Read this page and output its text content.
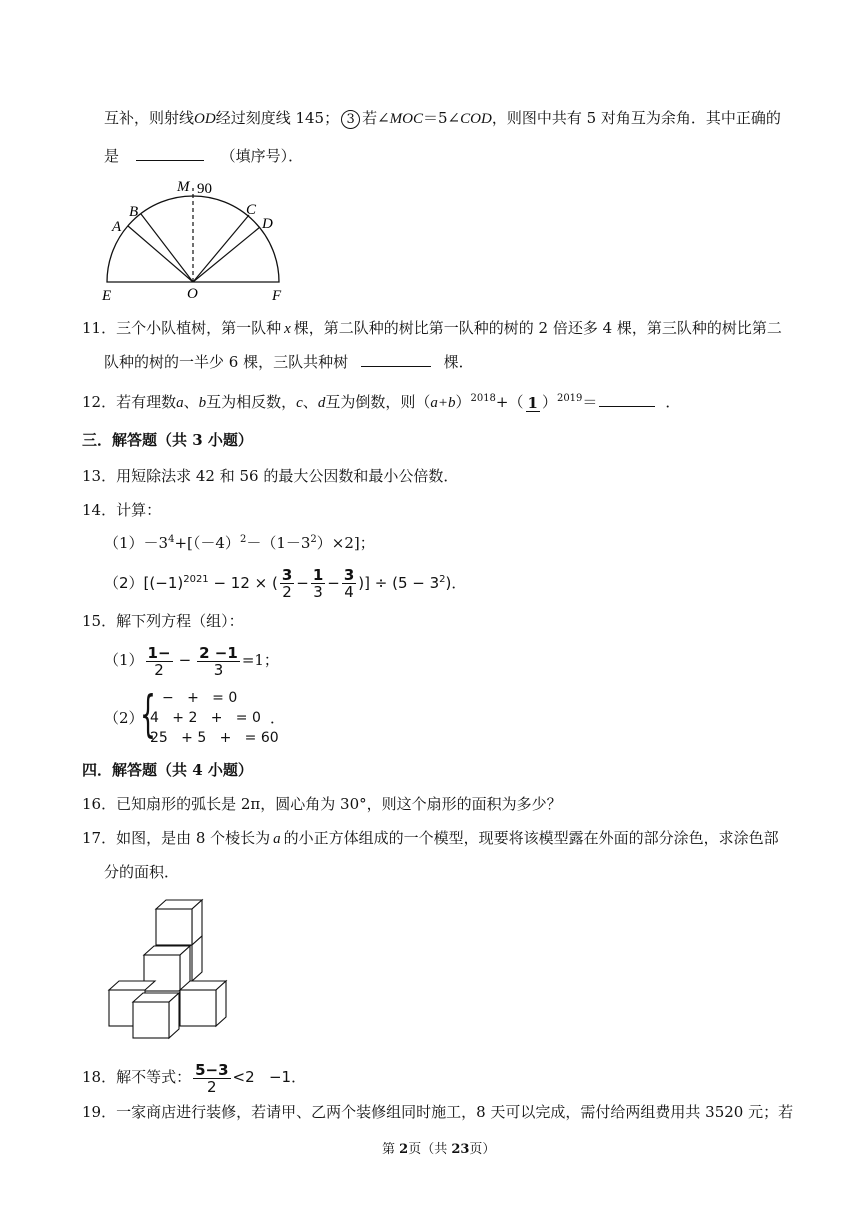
互补，则射线OD经过刻度线 145； 3 若∠MOC＝5∠COD，则图中共有 5 对角互为余角．其中正确的
是	（填序号）．
M 90
A
B	C
D
E	O	F
11．三个小队植树，第一队种 x 棵，第二队种的树比第一队种的树的 2 倍还多 4 棵，第三队种的树比第二
队种的树的一半少 6 棵，三队共种树	棵．
12．若有理数a、b互为相反数，c、d互为倒数，则$(a+b)^{2018}+$（ 1 ）$^{2019}$＝	．
三．解答题（共 3 小题）
13．用短除法求 42 和 56 的最大公因数和最小公倍数．
14．计算：
$(1)-3^4+[(-4)^2-(1-3^2)\times 2]$；
$(2)[(-1)^{2021} - 12$ × ( $\frac{3}{2} - \frac{1}{3} - \frac{3}{4}$ )] ÷ $(5 - 3^2)$．
15．解下列方程（组）：
$(1) \frac{1-}{2} - \frac{2 -1}{3} =1$；
（2）
{ −   +   = 0
4   + 2   +   = 0
25   + 5   +   = 60
．
四．解答题（共 4 小题）
16．已知扇形的弧长是 2π，圆心角为 30°，则这个扇形的面积为多少？
17．如图，是由 8 个棱长为 a 的小正方体组成的一个模型，现要将该模型露在外面的部分涂色，求涂色部
分的面积．
18．解不等式： $\frac{5-3}{2} <2 -1$．
19．一家商店进行装修，若请甲、乙两个装修组同时施工，8 天可以完成，需付给两组费用共 3520 元；若
第 2页（共 23页）
